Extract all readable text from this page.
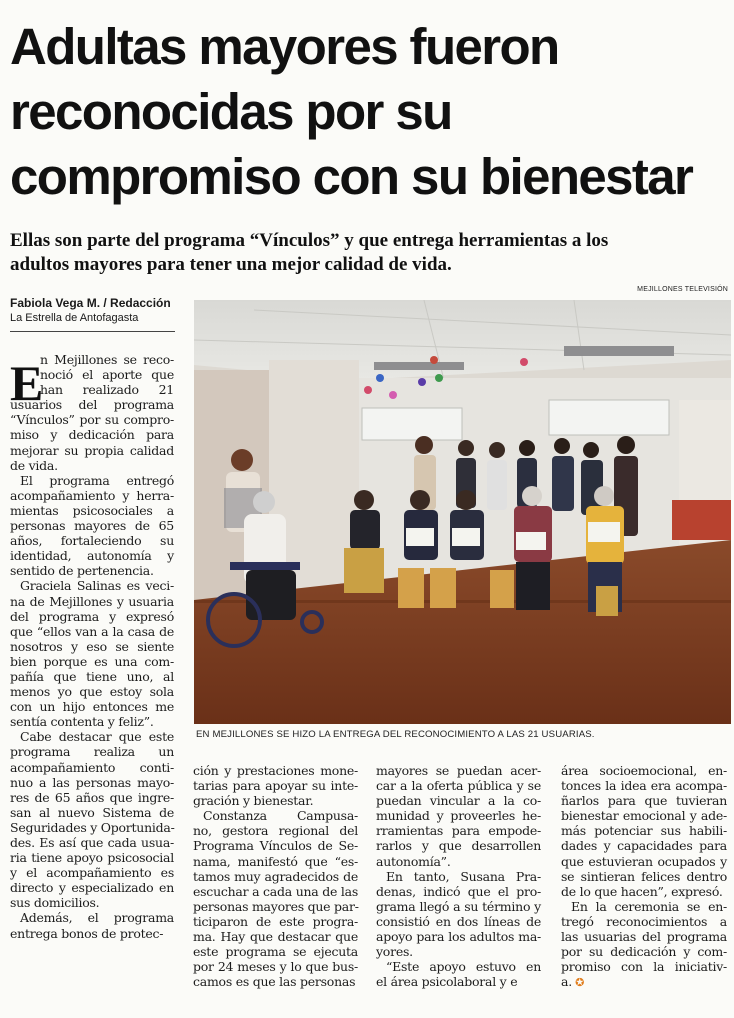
Adultas mayores fueron
reconocidas por su
compromiso con su bienestar
Ellas son parte del programa “Vínculos” y que entrega herramientas a los
adultos mayores para tener una mejor calidad de vida.
Fabiola Vega M. / Redacción
La Estrella de Antofagasta
MEJILLONES TELEVISIÓN
EN MEJILLONES SE HIZO LA ENTREGA DEL RECONOCIMIENTO A LAS 21 USUARIAS.
E
n Mejillones se reco-
noció el aporte que
han realizado 21
usuarios del programa
“Vínculos” por su compro-
miso y dedicación para
mejorar su propia calidad
de vida.
El programa entregó
acompañamiento y herra-
mientas psicosociales a
personas mayores de 65
años, fortaleciendo su
identidad, autonomía y
sentido de pertenencia.
Graciela Salinas es veci-
na de Mejillones y usuaria
del programa y expresó
que “ellos van a la casa de
nosotros y eso se siente
bien porque es una com-
pañía que tiene uno, al
menos yo que estoy sola
con un hijo entonces me
sentía contenta y feliz”.
Cabe destacar que este
programa realiza un
acompañamiento conti-
nuo a las personas mayo-
res de 65 años que ingre-
san al nuevo Sistema de
Seguridades y Oportunida-
des. Es así que cada usua-
ria tiene apoyo psicosocial
y el acompañamiento es
directo y especializado en
sus domicilios.
Además, el programa
entrega bonos de protec-
ción y prestaciones mone-
tarias para apoyar su inte-
gración y bienestar.
Constanza Campusa-
no, gestora regional del
Programa Vínculos de Se-
nama, manifestó que “es-
tamos muy agradecidos de
escuchar a cada una de las
personas mayores que par-
ticiparon de este progra-
ma. Hay que destacar que
este programa se ejecuta
por 24 meses y lo que bus-
camos es que las personas
mayores se puedan acer-
car a la oferta pública y se
puedan vincular a la co-
munidad y proveerles he-
rramientas para empode-
rarlos y que desarrollen
autonomía”.
En tanto, Susana Pra-
denas, indicó que el pro-
grama llegó a su término y
consistió en dos líneas de
apoyo para los adultos ma-
yores.
“Este apoyo estuvo en
el área psicolaboral y e
área socioemocional, en-
tonces la idea era acompa-
ñarlos para que tuvieran
bienestar emocional y ade-
más potenciar sus habili-
dades y capacidades para
que estuvieran ocupados y
se sintieran felices dentro
de lo que hacen”, expresó.
En la ceremonia se en-
tregó reconocimientos a
las usuarias del programa
por su dedicación y com-
promiso con la iniciativ-
a. ✪
